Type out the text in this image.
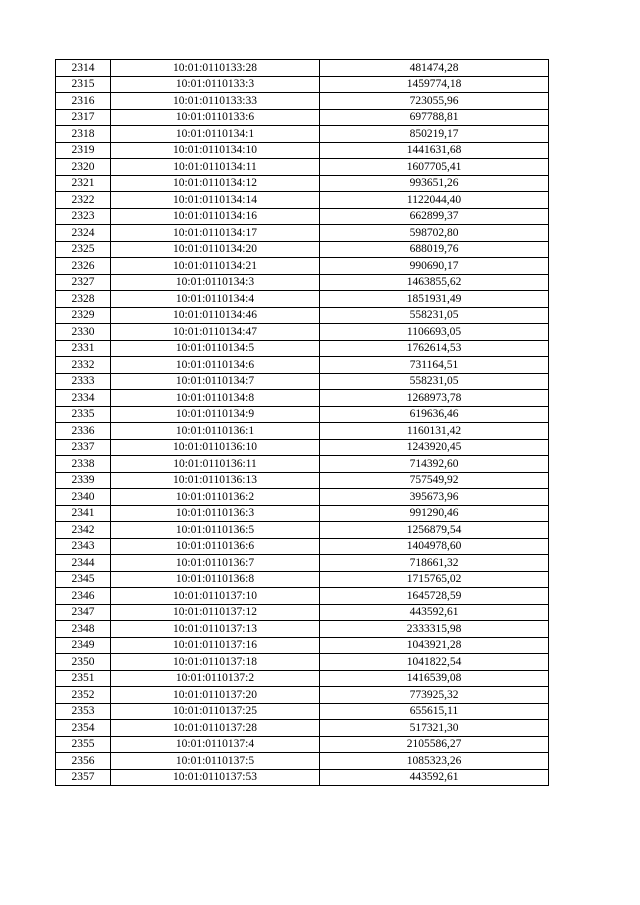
2314	10:01:0110133:28	481474,28
2315	10:01:0110133:3	1459774,18
2316	10:01:0110133:33	723055,96
2317	10:01:0110133:6	697788,81
2318	10:01:0110134:1	850219,17
2319	10:01:0110134:10	1441631,68
2320	10:01:0110134:11	1607705,41
2321	10:01:0110134:12	993651,26
2322	10:01:0110134:14	1122044,40
2323	10:01:0110134:16	662899,37
2324	10:01:0110134:17	598702,80
2325	10:01:0110134:20	688019,76
2326	10:01:0110134:21	990690,17
2327	10:01:0110134:3	1463855,62
2328	10:01:0110134:4	1851931,49
2329	10:01:0110134:46	558231,05
2330	10:01:0110134:47	1106693,05
2331	10:01:0110134:5	1762614,53
2332	10:01:0110134:6	731164,51
2333	10:01:0110134:7	558231,05
2334	10:01:0110134:8	1268973,78
2335	10:01:0110134:9	619636,46
2336	10:01:0110136:1	1160131,42
2337	10:01:0110136:10	1243920,45
2338	10:01:0110136:11	714392,60
2339	10:01:0110136:13	757549,92
2340	10:01:0110136:2	395673,96
2341	10:01:0110136:3	991290,46
2342	10:01:0110136:5	1256879,54
2343	10:01:0110136:6	1404978,60
2344	10:01:0110136:7	718661,32
2345	10:01:0110136:8	1715765,02
2346	10:01:0110137:10	1645728,59
2347	10:01:0110137:12	443592,61
2348	10:01:0110137:13	2333315,98
2349	10:01:0110137:16	1043921,28
2350	10:01:0110137:18	1041822,54
2351	10:01:0110137:2	1416539,08
2352	10:01:0110137:20	773925,32
2353	10:01:0110137:25	655615,11
2354	10:01:0110137:28	517321,30
2355	10:01:0110137:4	2105586,27
2356	10:01:0110137:5	1085323,26
2357	10:01:0110137:53	443592,61
